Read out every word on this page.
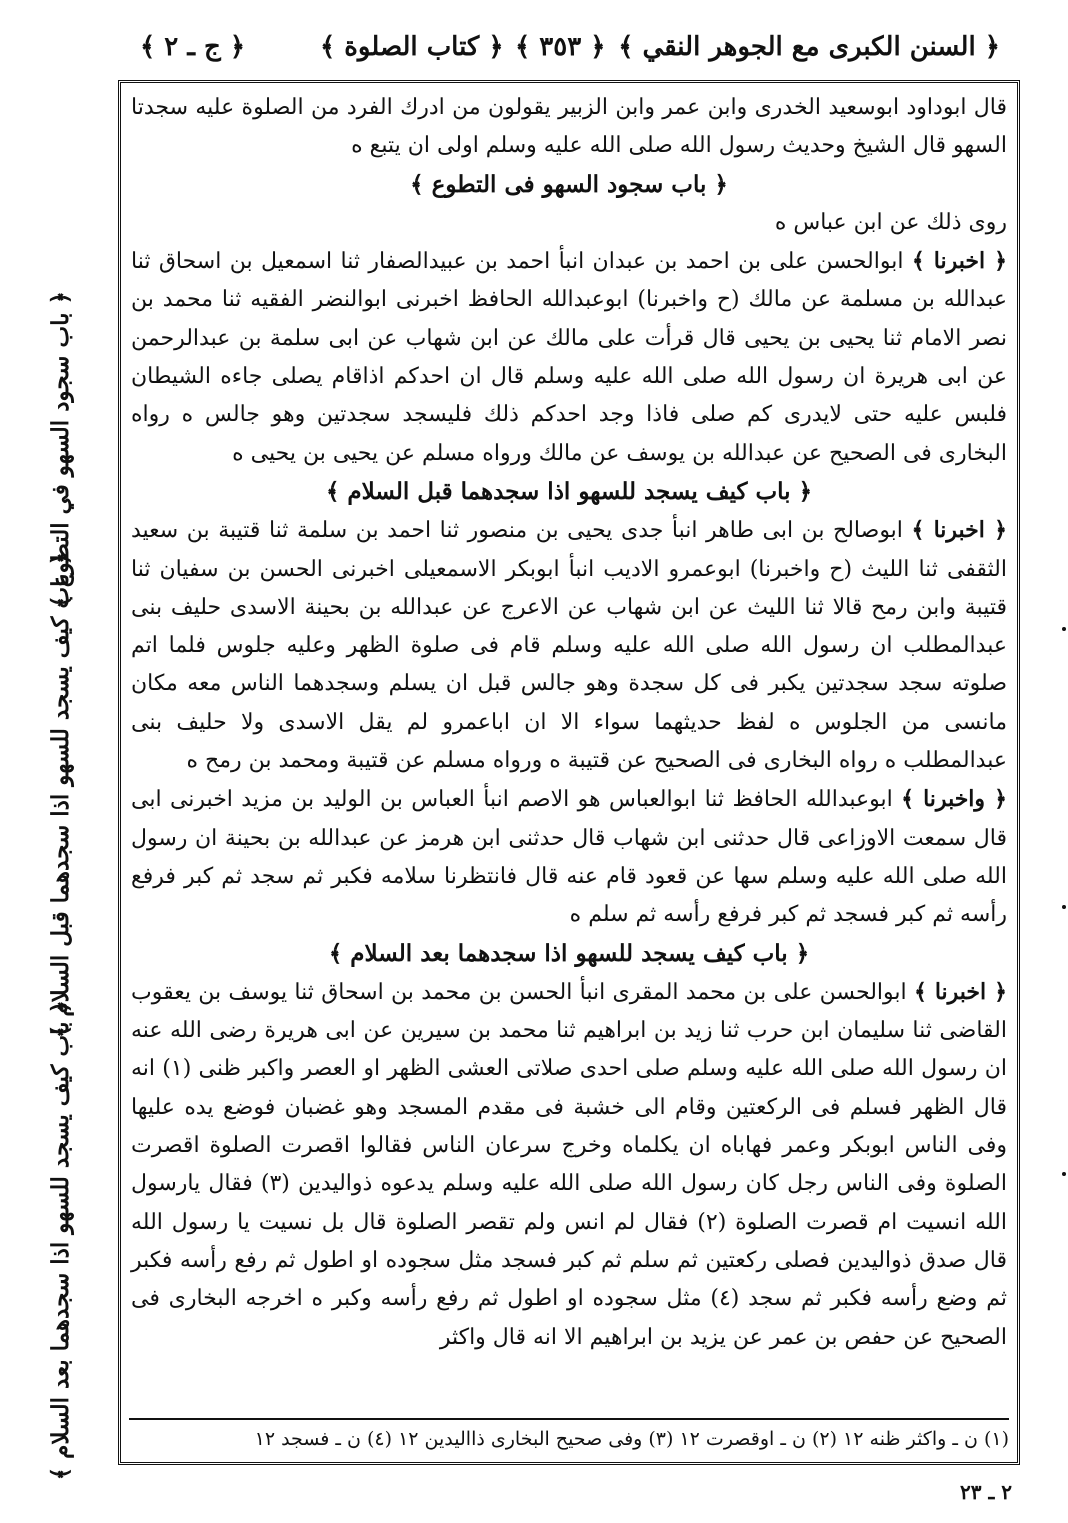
﴿ السنن الكبرى مع الجوهر النقي ﴾
﴿ ٣٥٣ ﴾
﴿ كتاب الصلوة ﴾
﴿ ج ـ ٢ ﴾
﴿ باب سجود السهو في التطوع ﴾
﴿ باب كيف يسجد للسهو اذا سجدهما قبل السلام ﴾
﴿ باب كيف يسجد للسهو اذا سجدهما بعد السلام ﴾

قال ابوداود ابوسعيد الخدرى وابن عمر وابن الزبير يقولون من ادرك الفرد من الصلوة عليه سجدتا السهو قال الشيخ وحديث رسول الله صلى الله عليه وسلم اولى ان يتبع ه

﴿ باب سجود السهو فى التطوع ﴾

روى ذلك عن ابن عباس ه

﴿ اخبرنا ﴾ ابوالحسن على بن احمد بن عبدان انبأ احمد بن عبيدالصفار ثنا اسمعيل بن اسحاق ثنا عبدالله بن مسلمة عن مالك (ح واخبرنا) ابوعبدالله الحافظ اخبرنى ابوالنضر الفقيه ثنا محمد بن نصر الامام ثنا يحيى بن يحيى قال قرأت على مالك عن ابن شهاب عن ابى سلمة بن عبدالرحمن عن ابى هريرة ان رسول الله صلى الله عليه وسلم قال ان احدكم اذاقام يصلى جاءه الشيطان فلبس عليه حتى لايدرى كم صلى فاذا وجد احدكم ذلك فليسجد سجدتين وهو جالس ه رواه البخارى فى الصحيح عن عبدالله بن يوسف عن مالك ورواه مسلم عن يحيى بن يحيى ه

﴿ باب كيف يسجد للسهو اذا سجدهما قبل السلام ﴾

﴿ اخبرنا ﴾ ابوصالح بن ابى طاهر انبأ جدى يحيى بن منصور ثنا احمد بن سلمة ثنا قتيبة بن سعيد الثقفى ثنا الليث (ح واخبرنا) ابوعمرو الاديب انبأ ابوبكر الاسمعيلى اخبرنى الحسن بن سفيان ثنا قتيبة وابن رمح قالا ثنا الليث عن ابن شهاب عن الاعرج عن عبدالله بن بحينة الاسدى حليف بنى عبدالمطلب ان رسول الله صلى الله عليه وسلم قام فى صلوة الظهر وعليه جلوس فلما اتم صلوته سجد سجدتين يكبر فى كل سجدة وهو جالس قبل ان يسلم وسجدهما الناس معه مكان مانسى من الجلوس ه لفظ حديثهما سواء الا ان اباعمرو لم يقل الاسدى ولا حليف بنى عبدالمطلب ه رواه البخارى فى الصحيح عن قتيبة ه ورواه مسلم عن قتيبة ومحمد بن رمح ه

﴿ واخبرنا ﴾ ابوعبدالله الحافظ ثنا ابوالعباس هو الاصم انبأ العباس بن الوليد بن مزيد اخبرنى ابى قال سمعت الاوزاعى قال حدثنى ابن شهاب قال حدثنى ابن هرمز عن عبدالله بن بحينة ان رسول الله صلى الله عليه وسلم سها عن قعود قام عنه قال فانتظرنا سلامه فكبر ثم سجد ثم كبر فرفع رأسه ثم كبر فسجد ثم كبر فرفع رأسه ثم سلم ه

﴿ باب كيف يسجد للسهو اذا سجدهما بعد السلام ﴾

﴿ اخبرنا ﴾ ابوالحسن على بن محمد المقرى انبأ الحسن بن محمد بن اسحاق ثنا يوسف بن يعقوب القاضى ثنا سليمان ابن حرب ثنا زيد بن ابراهيم ثنا محمد بن سيرين عن ابى هريرة رضى الله عنه ان رسول الله صلى الله عليه وسلم صلى احدى صلاتى العشى الظهر او العصر واكبر ظنى (١) انه قال الظهر فسلم فى الركعتين وقام الى خشبة فى مقدم المسجد وهو غضبان فوضع يده عليها وفى الناس ابوبكر وعمر فهاباه ان يكلماه وخرج سرعان الناس فقالوا اقصرت الصلوة اقصرت الصلوة وفى الناس رجل كان رسول الله صلى الله عليه وسلم يدعوه ذواليدين (٣) فقال يارسول الله انسيت ام قصرت الصلوة (٢) فقال لم انس ولم تقصر الصلوة قال بل نسيت يا رسول الله قال صدق ذواليدين فصلى ركعتين ثم سلم ثم كبر فسجد مثل سجوده او اطول ثم رفع رأسه فكبر ثم وضع رأسه فكبر ثم سجد (٤) مثل سجوده او اطول ثم رفع رأسه وكبر ه اخرجه البخارى فى الصحيح عن حفص بن عمر عن يزيد بن ابراهيم الا انه قال واكثر

(١) ن ـ واكثر ظنه ١٢ (٢) ن ـ اوقصرت ١٢ (٣) وفى صحيح البخارى ذااليدين ١٢ (٤) ن ـ فسجد ١٢
٢ ـ ٢٣
